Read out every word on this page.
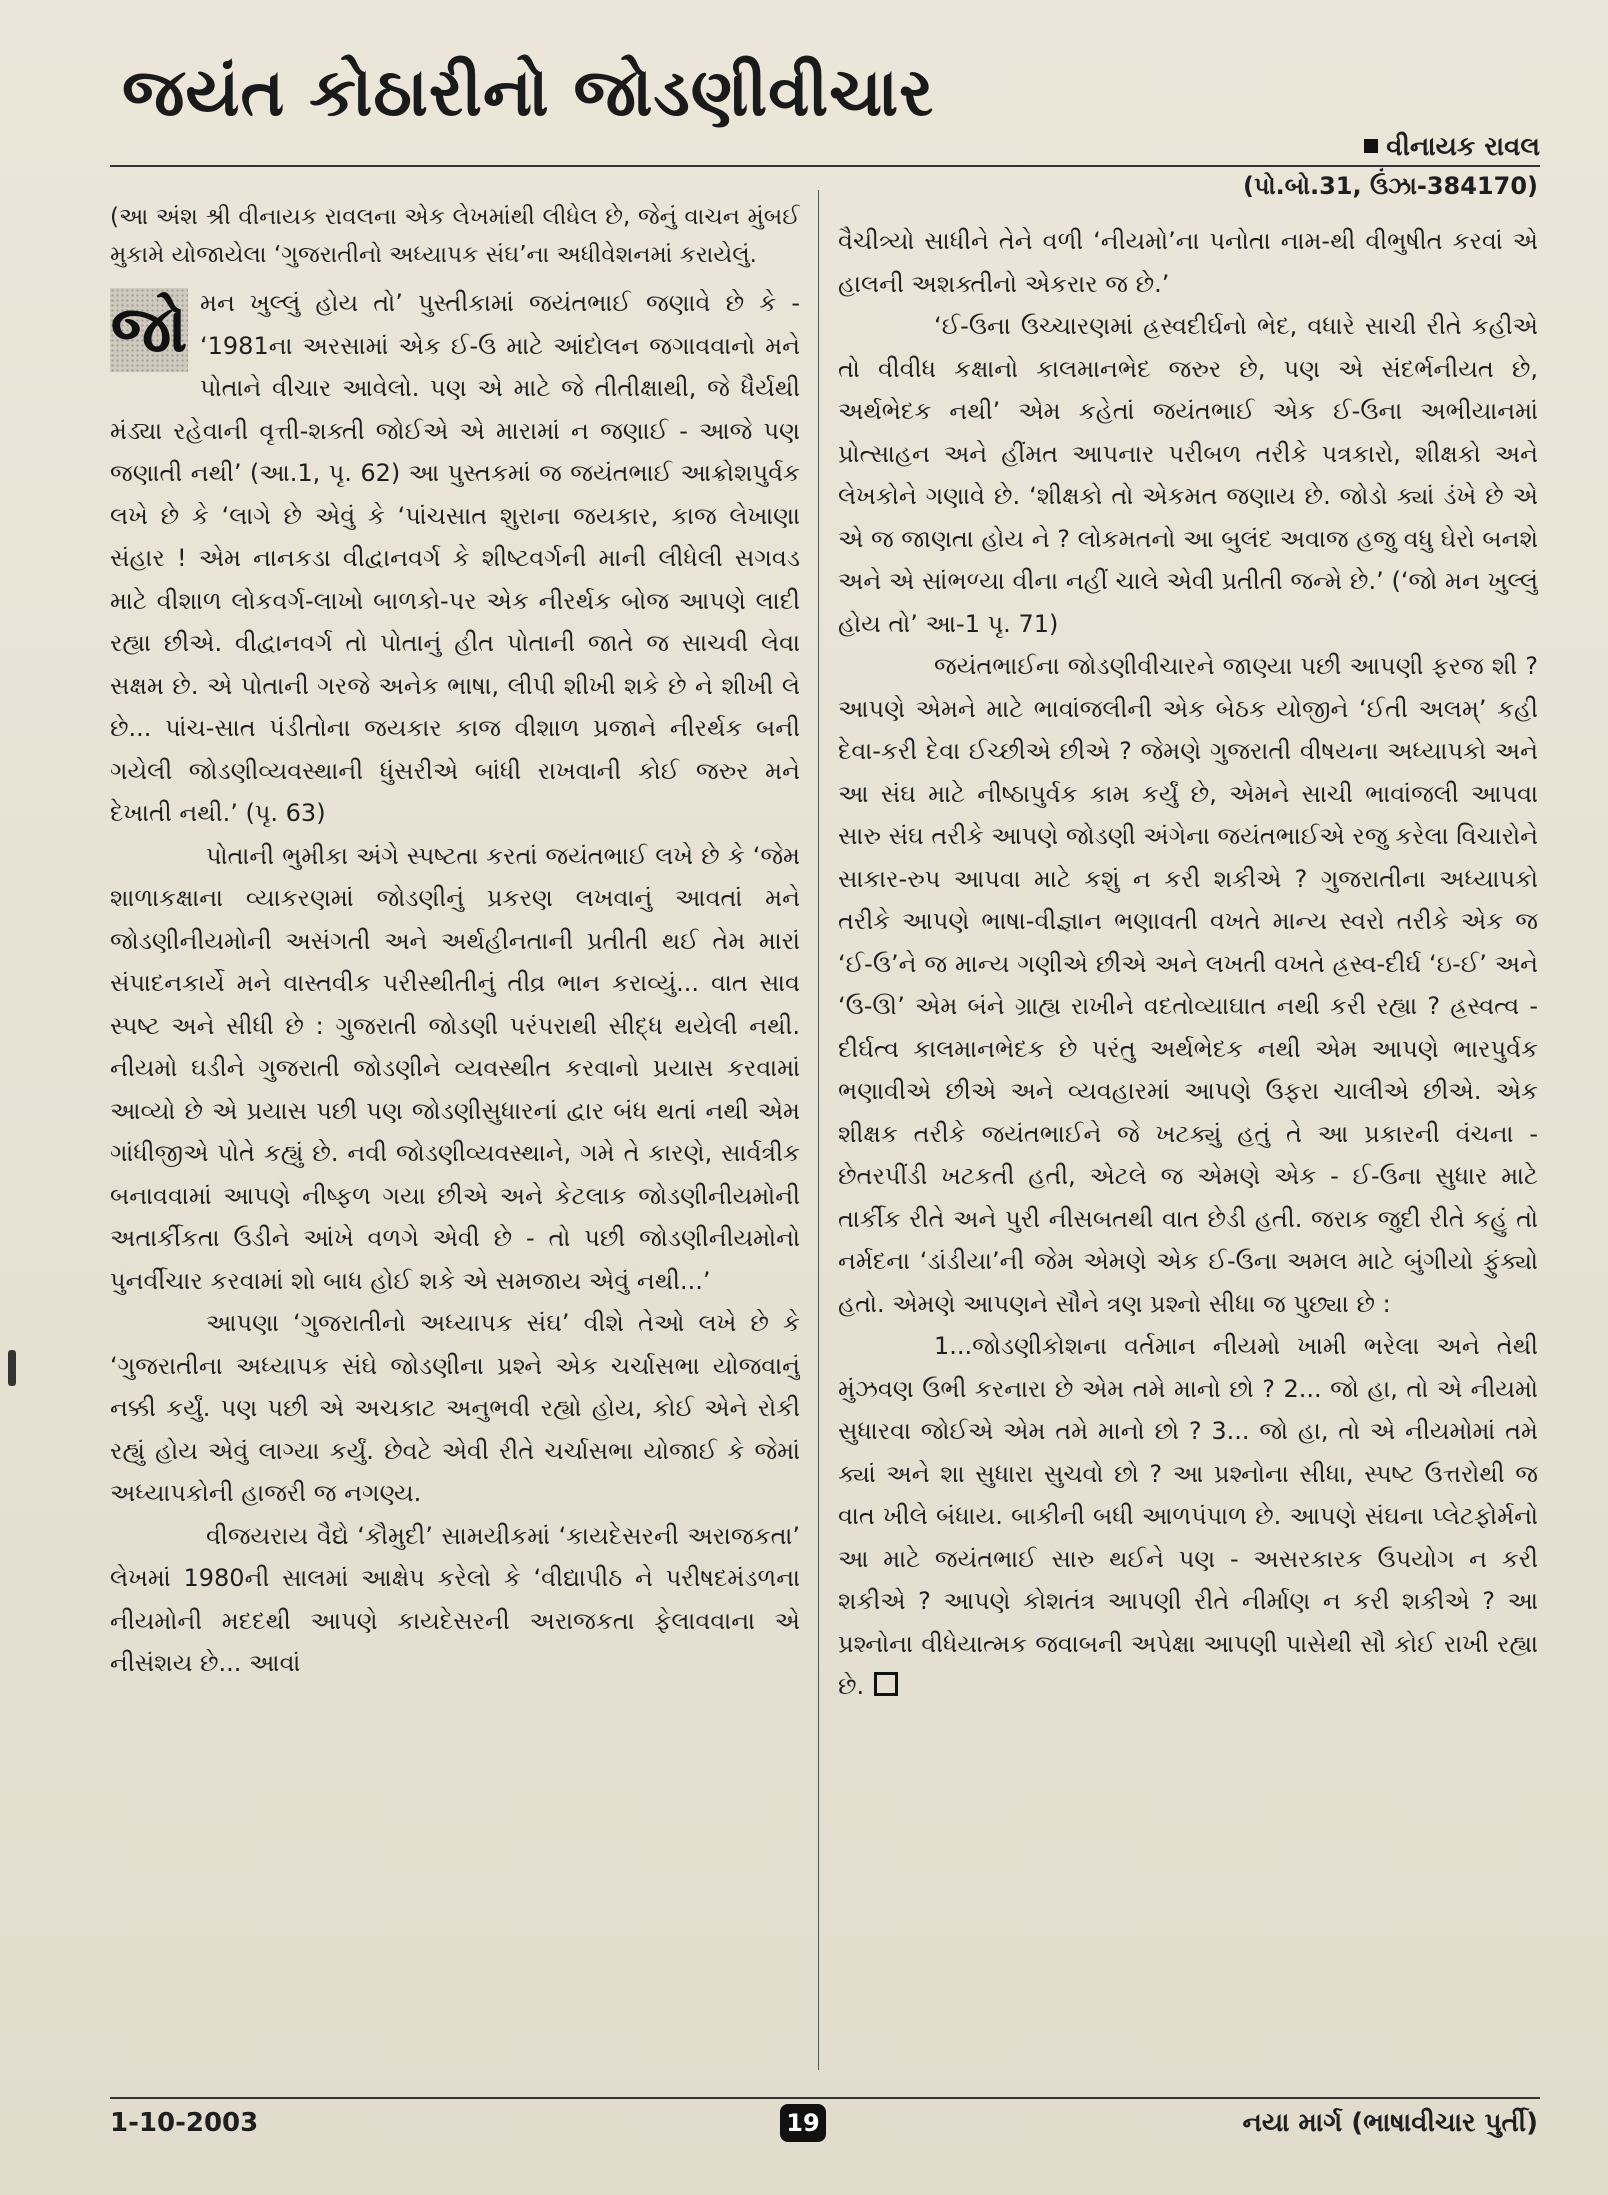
જયંત કોઠારીનો જોડણીવીચાર
વીનાયક રાવલ

(આ અંશ શ્રી વીનાયક રાવલના એક લેખમાંથી લીધેલ છે, જેનું વાચન મુંબઈ મુકામે યોજાયેલા ‘ગુજરાતીનો અધ્યાપક સંઘ’ના અધીવેશનમાં કરાયેલું.

જો મન ખુલ્લું હોય તો’ પુસ્તીકામાં જયંતભાઈ જણાવે છે કે - ‘1981ના અરસામાં એક ઈ-ઉ માટે આંદોલન જગાવવાનો મને પોતાને વીચાર આવેલો. પણ એ માટે જે તીતીક્ષાથી, જે ધૈર્યથી મંડ્યા રહેવાની વૃત્તી-શક્તી જોઈએ એ મારામાં ન જણાઈ - આજે પણ જણાતી નથી’ (આ.1, પૃ. 62) આ પુસ્તકમાં જ જયંતભાઈ આક્રોશપુર્વક લખે છે કે ‘લાગે છે એવું કે ‘પાંચસાત શુરાના જયકાર, કાજ લેખાણા સંહાર ! એમ નાનકડા વીદ્વાનવર્ગ કે શીષ્ટવર્ગની માની લીધેલી સગવડ માટે વીશાળ લોકવર્ગ-લાખો બાળકો-પર એક નીરર્થક બોજ આપણે લાદી રહ્યા છીએ. વીદ્વાનવર્ગ તો પોતાનું હીત પોતાની જાતે જ સાચવી લેવા સક્ષમ છે. એ પોતાની ગરજે અનેક ભાષા, લીપી શીખી શકે છે ને શીખી લે છે... પાંચ-સાત પંડીતોના જયકાર કાજ વીશાળ પ્રજાને નીરર્થક બની ગયેલી જોડણીવ્યવસ્થાની ધુંસરીએ બાંધી રાખવાની કોઈ જરુર મને દેખાતી નથી.’ (પૃ. 63)

પોતાની ભુમીકા અંગે સ્પષ્ટતા કરતાં જયંતભાઈ લખે છે કે ‘જેમ શાળાકક્ષાના વ્યાકરણમાં જોડણીનું પ્રકરણ લખવાનું આવતાં મને જોડણીનીયમોની અસંગતી અને અર્થહીનતાની પ્રતીતી થઈ તેમ મારાં સંપાદનકાર્યે મને વાસ્તવીક પરીસ્થીતીનું તીવ્ર ભાન કરાવ્યું... વાત સાવ સ્પષ્ટ અને સીધી છે : ગુજરાતી જોડણી પરંપરાથી સીદ્ધ થયેલી નથી. નીયમો ઘડીને ગુજરાતી જોડણીને વ્યવસ્થીત કરવાનો પ્રયાસ કરવામાં આવ્યો છે એ પ્રયાસ પછી પણ જોડણીસુધારનાં દ્વાર બંધ થતાં નથી એમ ગાંધીજીએ પોતે કહ્યું છે. નવી જોડણીવ્યવસ્થાને, ગમે તે કારણે, સાર્વત્રીક બનાવવામાં આપણે નીષ્ફળ ગયા છીએ અને કેટલાક જોડણીનીયમોની અતાર્કીકતા ઉડીને આંખે વળગે એવી છે - તો પછી જોડણીનીયમોનો પુનર્વીચાર કરવામાં શો બાધ હોઈ શકે એ સમજાય એવું નથી...’

આપણા ‘ગુજરાતીનો અધ્યાપક સંઘ’ વીશે તેઓ લખે છે કે ‘ગુજરાતીના અધ્યાપક સંઘે જોડણીના પ્રશ્ને એક ચર્ચાસભા યોજવાનું નક્કી કર્યું. પણ પછી એ અચકાટ અનુભવી રહ્યો હોય, કોઈ એને રોકી રહ્યું હોય એવું લાગ્યા કર્યું. છેવટે એવી રીતે ચર્ચાસભા યોજાઈ કે જેમાં અધ્યાપકોની હાજરી જ નગણ્ય.

વીજયરાય વૈદ્યે ‘કૌમુદી’ સામયીકમાં ‘કાયદેસરની અરાજકતા’ લેખમાં 1980ની સાલમાં આક્ષેપ કરેલો કે ‘વીદ્યાપીઠ ને પરીષદમંડળના નીયમોની મદદથી આપણે કાયદેસરની અરાજકતા ફેલાવવાના એ નીસંશય છે... આવાં

(પો.બો.31, ઉંઝા-384170)

વૈચીત્ર્યો સાધીને તેને વળી ‘નીયમો’ના પનોતા નામ-થી વીભુષીત કરવાં એ હાલની અશક્તીનો એકરાર જ છે.’

‘ઈ-ઉના ઉચ્ચારણમાં હ્રસ્વદીર્ઘનો ભેદ, વધારે સાચી રીતે કહીએ તો વીવીધ કક્ષાનો કાલમાનભેદ જરુર છે, પણ એ સંદર્ભનીયત છે, અર્થભેદક નથી’ એમ કહેતાં જયંતભાઈ એક ઈ-ઉના અભીયાનમાં પ્રોત્સાહન અને હીંમત આપનાર પરીબળ તરીકે પત્રકારો, શીક્ષકો અને લેખકોને ગણાવે છે. ‘શીક્ષકો તો એકમત જણાય છે. જોડો ક્યાં ડંખે છે એ એ જ જાણતા હોય ને ? લોકમતનો આ બુલંદ અવાજ હજુ વધુ ઘેરો બનશે અને એ સાંભળ્યા વીના નહીં ચાલે એવી પ્રતીતી જન્મે છે.’ (‘જો મન ખુલ્લું હોય તો’ આ-1 પૃ. 71)

જયંતભાઈના જોડણીવીચારને જાણ્યા પછી આપણી ફરજ શી ? આપણે એમને માટે ભાવાંજલીની એક બેઠક યોજીને ‘ઈતી અલમ્’ કહી દેવા-કરી દેવા ઈચ્છીએ છીએ ? જેમણે ગુજરાતી વીષયના અધ્યાપકો અને આ સંઘ માટે નીષ્ઠાપુર્વક કામ કર્યું છે, એમને સાચી ભાવાંજલી આપવા સારુ સંઘ તરીકે આપણે જોડણી અંગેના જયંતભાઈએ રજુ કરેલા વિચારોને સાકાર-રુપ આપવા માટે કશું ન કરી શકીએ ? ગુજરાતીના અધ્યાપકો તરીકે આપણે ભાષા-વીજ્ઞાન ભણાવતી વખતે માન્ય સ્વરો તરીકે એક જ ‘ઈ-ઉ’ને જ માન્ય ગણીએ છીએ અને લખતી વખતે હ્રસ્વ-દીર્ઘ ‘ઇ-ઈ’ અને ‘ઉ-ઊ’ એમ બંને ગ્રાહ્ય રાખીને વદતોવ્યાઘાત નથી કરી રહ્યા ? હ્રસ્વત્વ - દીર્ઘત્વ કાલમાનભેદક છે પરંતુ અર્થભેદક નથી એમ આપણે ભારપુર્વક ભણાવીએ છીએ અને વ્યવહારમાં આપણે ઉફરા ચાલીએ છીએ. એક શીક્ષક તરીકે જયંતભાઈને જે ખટક્યું હતું તે આ પ્રકારની વંચના - છેતરપીંડી ખટકતી હતી, એટલે જ એમણે એક - ઈ-ઉના સુધાર માટે તાર્કીક રીતે અને પુરી નીસબતથી વાત છેડી હતી. જરાક જુદી રીતે કહું તો નર્મદના ‘ડાંડીયા’ની જેમ એમણે એક ઈ-ઉના અમલ માટે બુંગીયો ફુંક્યો હતો. એમણે આપણને સૌને ત્રણ પ્રશ્નો સીધા જ પુછ્યા છે :

1...જોડણીકોશના વર્તમાન નીયમો ખામી ભરેલા અને તેથી મુંઝવણ ઉભી કરનારા છે એમ તમે માનો છો ? 2... જો હા, તો એ નીયમો સુધારવા જોઈએ એમ તમે માનો છો ? 3... જો હા, તો એ નીયમોમાં તમે ક્યાં અને શા સુધારા સુચવો છો ? આ પ્રશ્નોના સીધા, સ્પષ્ટ ઉત્તરોથી જ વાત ખીલે બંધાય. બાકીની બધી આળપંપાળ છે. આપણે સંઘના પ્લેટફોર્મનો આ માટે જયંતભાઈ સારુ થઈને પણ - અસરકારક ઉપયોગ ન કરી શકીએ ? આપણે કોશતંત્ર આપણી રીતે નીર્માણ ન કરી શકીએ ? આ પ્રશ્નોના વીધેયાત્મક જવાબની અપેક્ષા આપણી પાસેથી સૌ કોઈ રાખી રહ્યા છે.

1-10-2003	19	નયા માર્ગ (ભાષાવીચાર પુર્તી)
